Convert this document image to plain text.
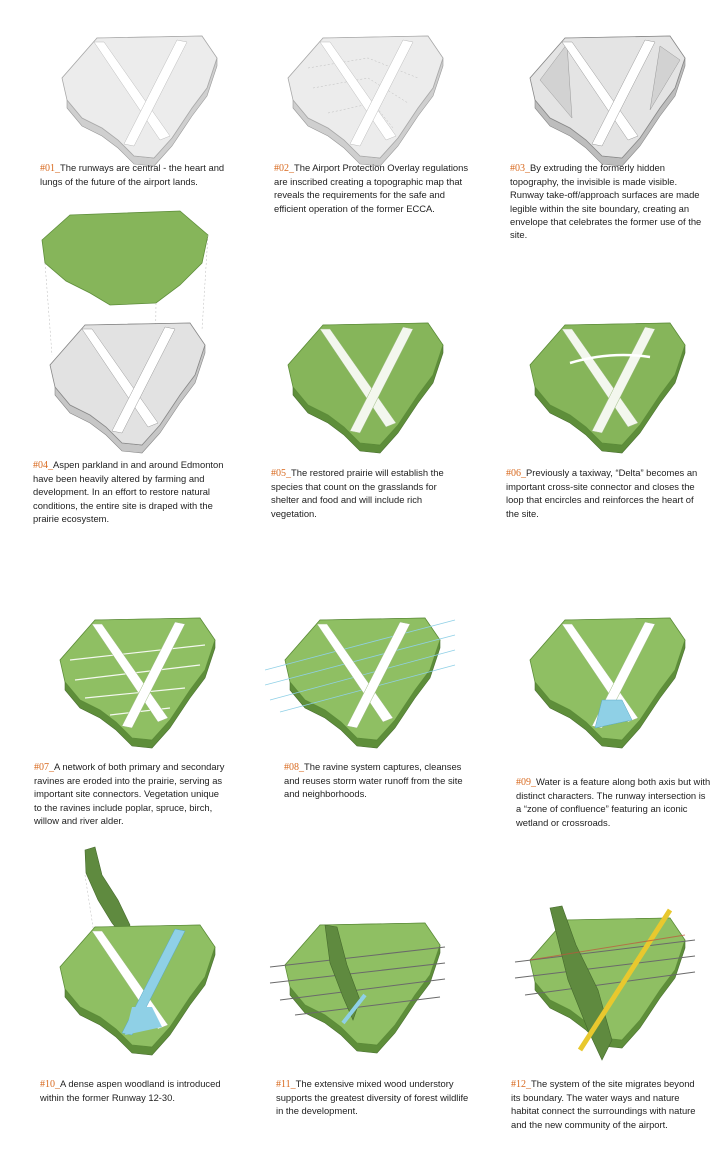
#01_The runways are central - the heart and lungs of the future of the airport lands.
#02_The Airport Protection Overlay regulations are inscribed creating a topographic map that reveals the requirements for the safe and efficient operation of the former ECCA.
#03_By extruding the formerly hidden topography, the invisible is made visible. Runway take-off/approach surfaces are made legible within the site boundary, creating an envelope that celebrates the former use of the site.
#04_Aspen parkland in and around Edmonton have been heavily altered by farming and development. In an effort to restore natural conditions, the entire site is draped with the prairie ecosystem.
#05_The restored prairie will establish the species that count on the grasslands for shelter and food and will include rich vegetation.
#06_Previously a taxiway, “Delta” becomes an important cross-site connector and closes the loop that encircles and reinforces the heart of the site.
#07_A network of both primary and secondary ravines are eroded into the prairie, serving as important site connectors. Vegetation unique to the ravines include poplar, spruce, birch, willow and river alder.
#08_The ravine system captures, cleanses and reuses storm water runoff from the site and neighborhoods.
#09_Water is a feature along both axis but with distinct characters. The runway intersection is a “zone of confluence” featuring an iconic wetland or crossroads.
#10_A dense aspen woodland is introduced within the former Runway 12-30.
#11_The extensive mixed wood understory supports the greatest diversity of forest wildlife in the development.
#12_The system of the site migrates beyond its boundary. The water ways and nature habitat connect the surroundings with nature and the new community of the airport.
